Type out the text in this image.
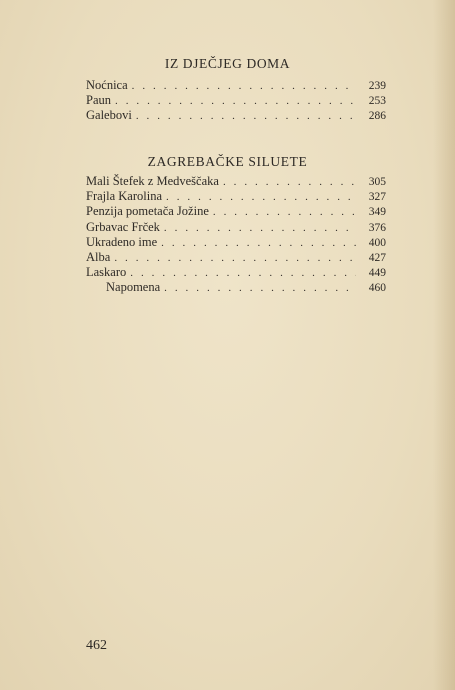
IZ DJEČJEG DOMA
Nоćnica . . .	239
Paun . . .	253
Galebovi . . .	286
ZAGREBAČKE SILUETE
Mali Štefek z Medveščaka . . .	305
Frajla Karolina . . .	327
Penzija pometača Jožine . . .	349
Grbavac Frček . . .	376
Ukradeno ime . . .	400
Alba . . .	427
Laskaro . . .	449
Napomena . . .	460
462
